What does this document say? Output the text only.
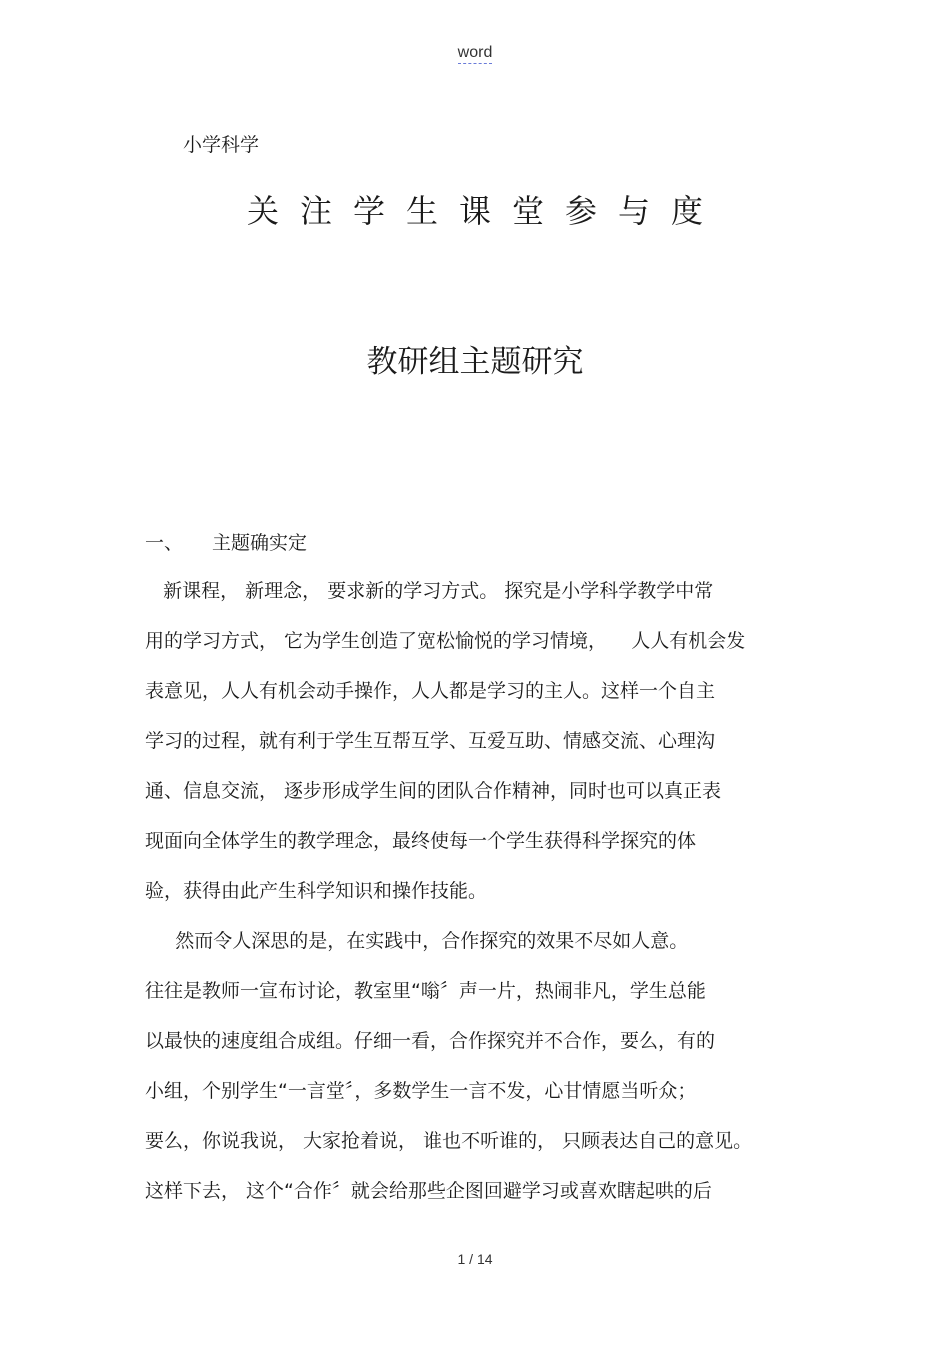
word
小学科学
关注学生课堂参与度
教研组主题研究
一、 主题确实定
新课程， 新理念， 要求新的学习方式。 探究是小学科学教学中常
用的学习方式， 它为学生创造了宽松愉悦的学习情境，    人人有机会发
表意见，人人有机会动手操作，人人都是学习的主人。这样一个自主
学习的过程，就有利于学生互帮互学、互爱互助、情感交流、心理沟
通、信息交流， 逐步形成学生间的团队合作精神，同时也可以真正表
现面向全体学生的教学理念，最终使每一个学生获得科学探究的体
验，获得由此产生科学知识和操作技能。
然而令人深思的是，在实践中，合作探究的效果不尽如人意。
往往是教师一宣布讨论，教室里“嗡〞声一片，热闹非凡，学生总能
以最快的速度组合成组。仔细一看，合作探究并不合作，要么，有的
小组，个别学生“一言堂〞，多数学生一言不发，心甘情愿当听众；
要么，你说我说， 大家抢着说， 谁也不听谁的， 只顾表达自己的意见。
这样下去， 这个“合作〞就会给那些企图回避学习或喜欢瞎起哄的后
1 / 14
